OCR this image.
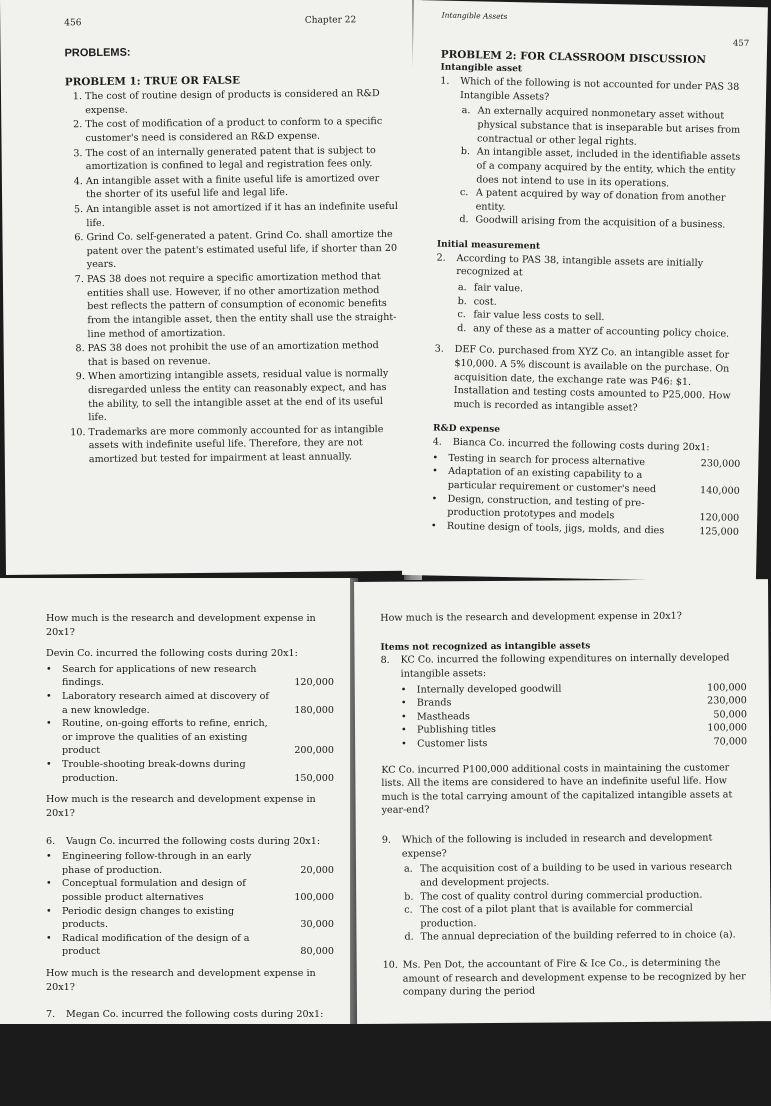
456	Chapter 22
PROBLEMS:
PROBLEM 1: TRUE OR FALSE
1. The cost of routine design of products is considered an R&D expense.
2. The cost of modification of a product to conform to a specific customer's need is considered an R&D expense.
3. The cost of an internally generated patent that is subject to amortization is confined to legal and registration fees only.
4. An intangible asset with a finite useful life is amortized over the shorter of its useful life and legal life.
5. An intangible asset is not amortized if it has an indefinite useful life.
6. Grind Co. self-generated a patent. Grind Co. shall amortize the patent over the patent's estimated useful life, if shorter than 20 years.
7. PAS 38 does not require a specific amortization method that entities shall use. However, if no other amortization method best reflects the pattern of consumption of economic benefits from the intangible asset, then the entity shall use the straight-line method of amortization.
8. PAS 38 does not prohibit the use of an amortization method that is based on revenue.
9. When amortizing intangible assets, residual value is normally disregarded unless the entity can reasonably expect, and has the ability, to sell the intangible asset at the end of its useful life.
10. Trademarks are more commonly accounted for as intangible assets with indefinite useful life. Therefore, they are not amortized but tested for impairment at least annually.
Intangible Assets
457
PROBLEM 2: FOR CLASSROOM DISCUSSION
Intangible asset
1.	Which of the following is not accounted for under PAS 38 Intangible Assets?
a. An externally acquired nonmonetary asset without physical substance that is inseparable but arises from contractual or other legal rights.
b. An intangible asset, included in the identifiable assets of a company acquired by the entity, which the entity does not intend to use in its operations.
c. A patent acquired by way of donation from another entity.
d. Goodwill arising from the acquisition of a business.
Initial measurement
2.	According to PAS 38, intangible assets are initially recognized at
a. fair value.
b. cost.
c. fair value less costs to sell.
d. any of these as a matter of accounting policy choice.
3.	DEF Co. purchased from XYZ Co. an intangible asset for $10,000. A 5% discount is available on the purchase. On acquisition date, the exchange rate was P46: $1. Installation and testing costs amounted to P25,000. How much is recorded as intangible asset?
R&D expense
4.	Bianca Co. incurred the following costs during 20x1:
•	Testing in search for process alternative	230,000
•	Adaptation of an existing capability to a particular requirement or customer's need	140,000
•	Design, construction, and testing of pre-production prototypes and models	120,000
•	Routine design of tools, jigs, molds, and dies	125,000
How much is the research and development expense in 20x1?
Devin Co. incurred the following costs during 20x1:
•	Search for applications of new research findings.	120,000
•	Laboratory research aimed at discovery of a new knowledge.	180,000
•	Routine, on-going efforts to refine, enrich, or improve the qualities of an existing product	200,000
•	Trouble-shooting break-downs during production.	150,000
How much is the research and development expense in 20x1?
6.	Vaugn Co. incurred the following costs during 20x1:
•	Engineering follow-through in an early phase of production.	20,000
•	Conceptual formulation and design of possible product alternatives	100,000
•	Periodic design changes to existing products.	30,000
•	Radical modification of the design of a product	80,000
How much is the research and development expense in 20x1?
7.	Megan Co. incurred the following costs during 20x1:
•	Activities directed to the development of knowledge, including the design and construction engineering of a prototype equipment	4,800,000
•	Design of tools, jigs, and dies involving new	
How much is the research and development expense in 20x1?
Items not recognized as intangible assets
8.	KC Co. incurred the following expenditures on internally developed intangible assets:
•	Internally developed goodwill	100,000
•	Brands	230,000
•	Mastheads	50,000
•	Publishing titles	100,000
•	Customer lists	70,000
KC Co. incurred P100,000 additional costs in maintaining the customer lists. All the items are considered to have an indefinite useful life. How much is the total carrying amount of the capitalized intangible assets at year-end?
9.	Which of the following is included in research and development expense?
a. The acquisition cost of a building to be used in various research and development projects.
b. The cost of quality control during commercial production.
c. The cost of a pilot plant that is available for commercial production.
d. The annual depreciation of the building referred to in choice (a).
10. Ms. Pen Dot, the accountant of Fire & Ice Co., is determining the amount of research and development expense to be recognized by her company during the period
